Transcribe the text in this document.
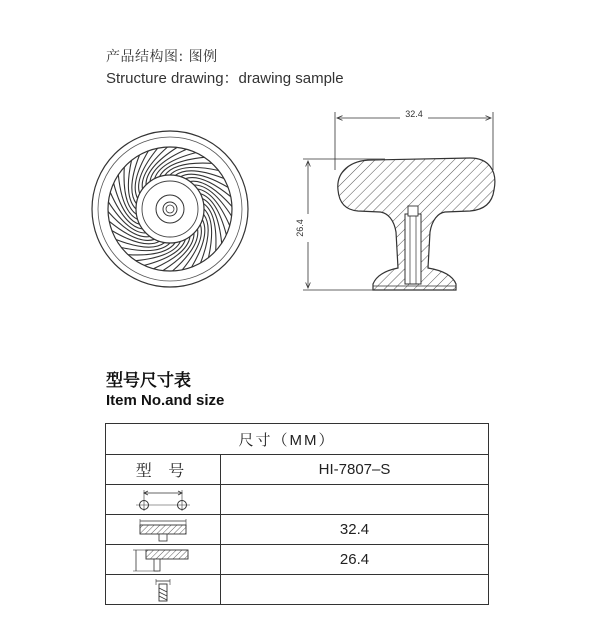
产品结构图: 图例
Structure drawing：drawing sample
32.4
26.4
型号尺寸表
Item No.and size
尺寸（MM）	
型 号	HI-7807–S

	32.4

	26.4
